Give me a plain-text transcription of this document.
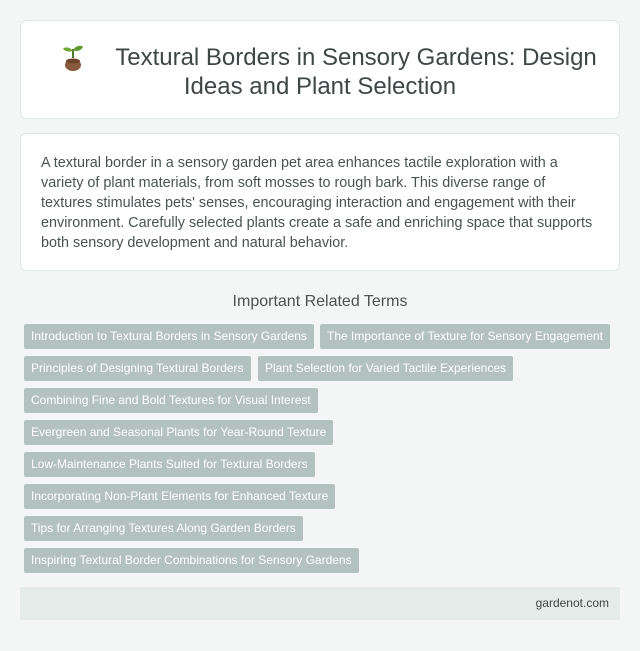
Textural Borders in Sensory Gardens: Design
Ideas and Plant Selection

A textural border in a sensory garden pet area enhances tactile exploration with a variety of plant materials, from soft mosses to rough bark. This diverse range of textures stimulates pets' senses, encouraging interaction and engagement with their environment. Carefully selected plants create a safe and enriching space that supports both sensory development and natural behavior.

Important Related Terms
Introduction to Textural Borders in Sensory Gardens	The Importance of Texture for Sensory Engagement
Principles of Designing Textural Borders	Plant Selection for Varied Tactile Experiences
Combining Fine and Bold Textures for Visual Interest
Evergreen and Seasonal Plants for Year-Round Texture
Low-Maintenance Plants Suited for Textural Borders
Incorporating Non-Plant Elements for Enhanced Texture
Tips for Arranging Textures Along Garden Borders
Inspiring Textural Border Combinations for Sensory Gardens
gardenot.com
